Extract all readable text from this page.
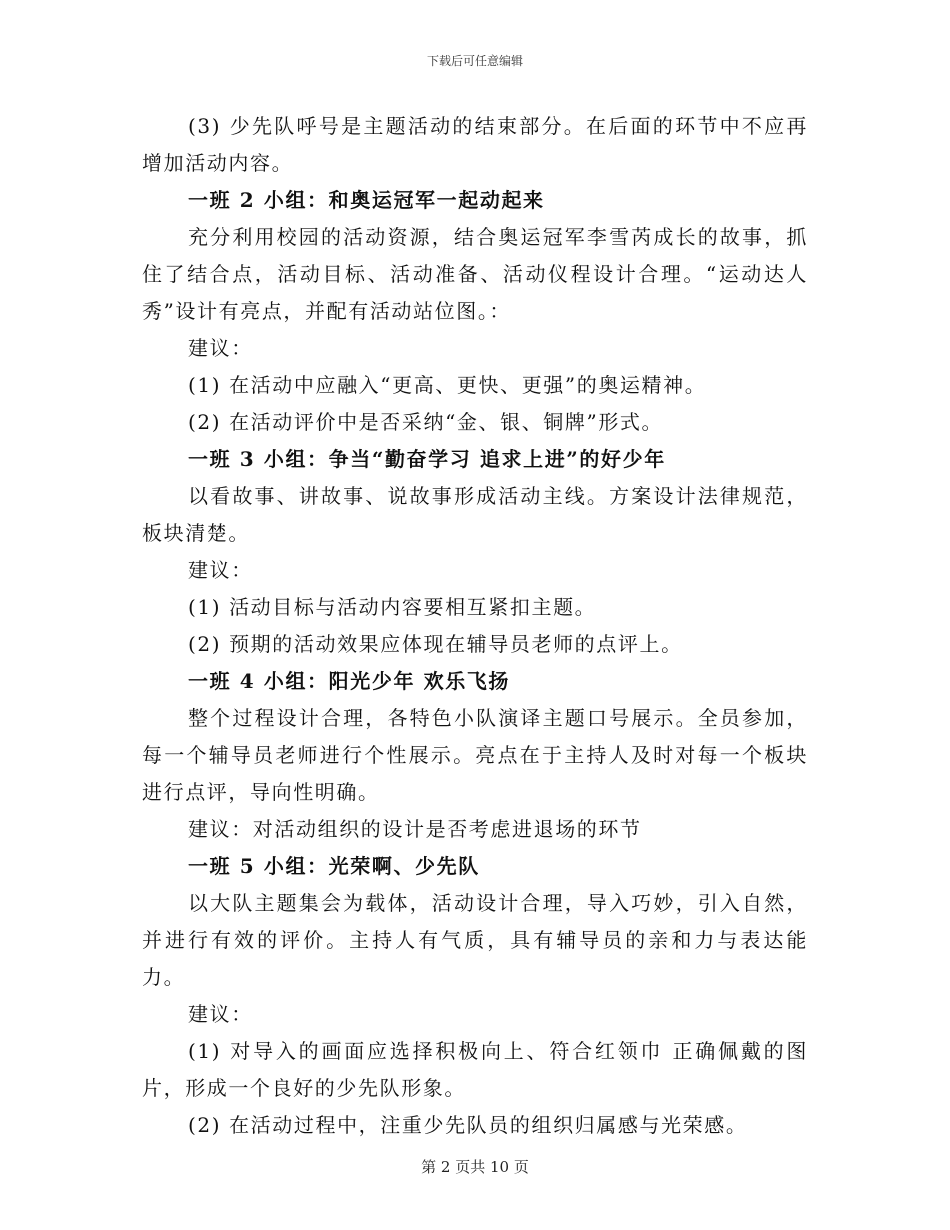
下载后可任意编辑

(3) 少先队呼号是主题活动的结束部分。在后面的环节中不应再增加活动内容。

一班 2 小组：和奥运冠军一起动起来

充分利用校园的活动资源，结合奥运冠军李雪芮成长的故事，抓住了结合点，活动目标、活动准备、活动仪程设计合理。“运动达人秀”设计有亮点，并配有活动站位图。：

建议：

(1) 在活动中应融入“更高、更快、更强”的奥运精神。

(2) 在活动评价中是否采纳“金、银、铜牌”形式。

一班 3 小组：争当“勤奋学习 追求上进”的好少年

以看故事、讲故事、说故事形成活动主线。方案设计法律规范，板块清楚。

建议：

(1) 活动目标与活动内容要相互紧扣主题。

(2) 预期的活动效果应体现在辅导员老师的点评上。

一班 4 小组：阳光少年 欢乐飞扬

整个过程设计合理，各特色小队演译主题口号展示。全员参加，每一个辅导员老师进行个性展示。亮点在于主持人及时对每一个板块进行点评，导向性明确。

建议：对活动组织的设计是否考虑进退场的环节

一班 5 小组：光荣啊、少先队

以大队主题集会为载体，活动设计合理，导入巧妙，引入自然，并进行有效的评价。主持人有气质，具有辅导员的亲和力与表达能力。

建议：

(1) 对导入的画面应选择积极向上、符合红领巾 正确佩戴的图片，形成一个良好的少先队形象。

(2) 在活动过程中，注重少先队员的组织归属感与光荣感。

第 2 页共 10 页
